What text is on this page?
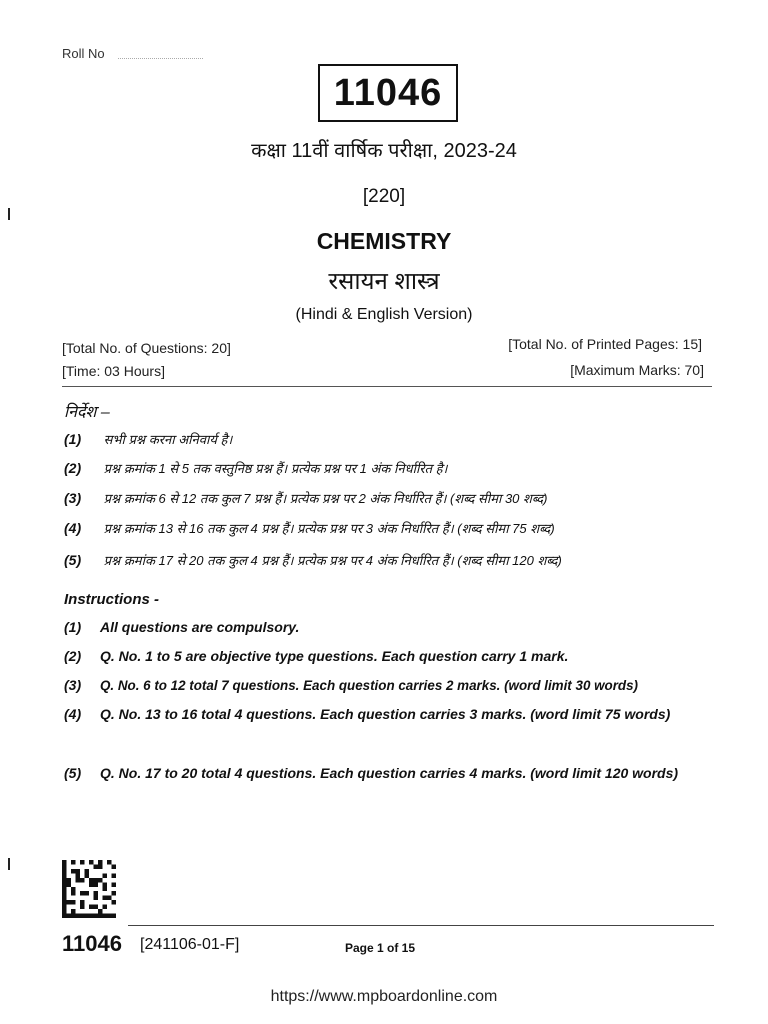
Roll No
11046
कक्षा 11वीं वार्षिक परीक्षा, 2023-24
[220]
CHEMISTRY
रसायन शास्त्र
(Hindi & English Version)
[Total No. of Questions: 20]	[Total No. of Printed Pages: 15]
[Time: 03 Hours]	[Maximum Marks: 70]
निर्देश –
(1) सभी प्रश्न करना अनिवार्य है।
(2) प्रश्न क्रमांक 1 से 5 तक वस्तुनिष्ठ प्रश्न हैं। प्रत्येक प्रश्न पर 1 अंक निर्धारित है।
(3) प्रश्न क्रमांक 6 से 12 तक कुल 7 प्रश्न हैं। प्रत्येक प्रश्न पर 2 अंक निर्धारित हैं। (शब्द सीमा 30 शब्द)
(4) प्रश्न क्रमांक 13 से 16 तक कुल 4 प्रश्न हैं। प्रत्येक प्रश्न पर 3 अंक निर्धारित हैं। (शब्द सीमा 75 शब्द)
(5) प्रश्न क्रमांक 17 से 20 तक कुल 4 प्रश्न हैं। प्रत्येक प्रश्न पर 4 अंक निर्धारित हैं। (शब्द सीमा 120 शब्द)
Instructions -
(1) All questions are compulsory.
(2) Q. No. 1 to 5 are objective type questions. Each question carry 1 mark.
(3) Q. No. 6 to 12 total 7 questions. Each question carries 2 marks. (word limit 30 words)
(4) Q. No. 13 to 16 total 4 questions. Each question carries 3 marks. (word limit 75 words)
(5) Q. No. 17 to 20 total 4 questions. Each question carries 4 marks. (word limit 120 words)
11046 [241106-01-F]	Page 1 of 15
https://www.mpboardonline.com
